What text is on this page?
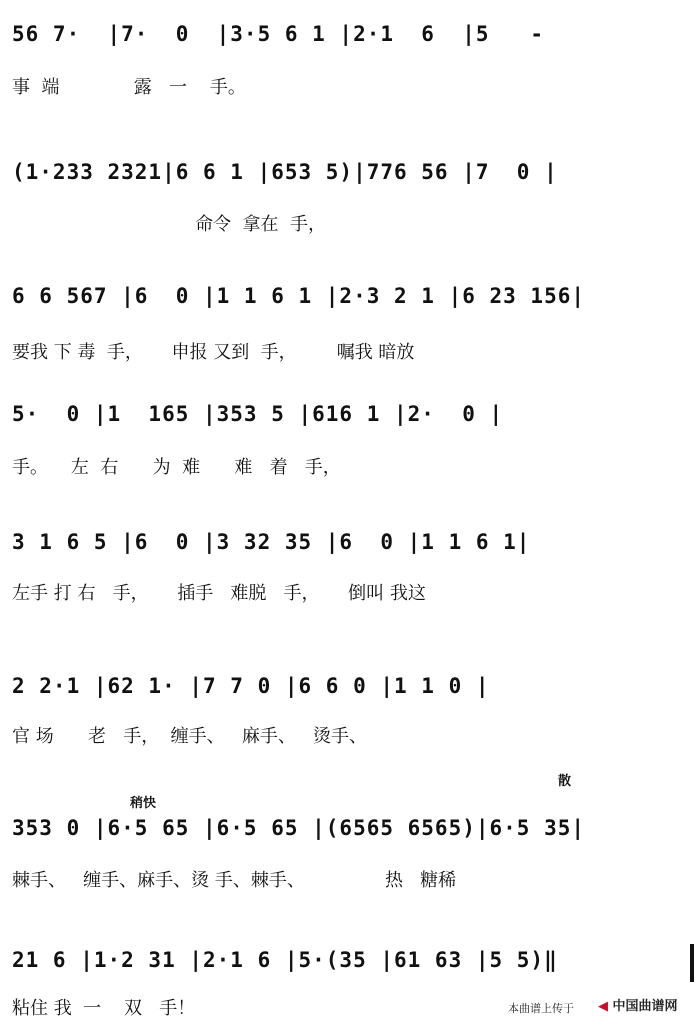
56 7·  |7·  0  |3·5 6 1 |2·1  6  |5   -
事  端             露   一    手。
(1·233 2321|6 6 1 |653 5)|776 56 |7  0 |
命令  拿在  手，
6 6 567 |6  0 |1 1 6 1 |2·3 2 1 |6 23 156|
要我 下 毒  手，     申报 又到  手，       嘱我 暗放
5·  0 |1  165 |353 5 |616 1 |2·  0 |
手。    左  右      为  难      难   着   手，
3 1 6 5 |6  0 |3 32 35 |6  0 |1 1 6 1|
左手 打 右   手，     插手   难脱   手，     倒叫 我这
2 2·1 |62 1· |7 7 0 |6 6 0 |1 1 0 |
官 场      老   手，  缠手、   麻手、   烫手、
稍快
散
353 0 |6·5 65 |6·5 65 |(6565 6565)|6·5 35|
棘手、   缠手、麻手、烫 手、棘手、              热   糖稀
21 6 |1·2 31 |2·1 6 |5·(35 |61 63 |5 5)‖
粘住 我  一    双   手！	本曲谱上传于 ◀ 中国曲谱网
